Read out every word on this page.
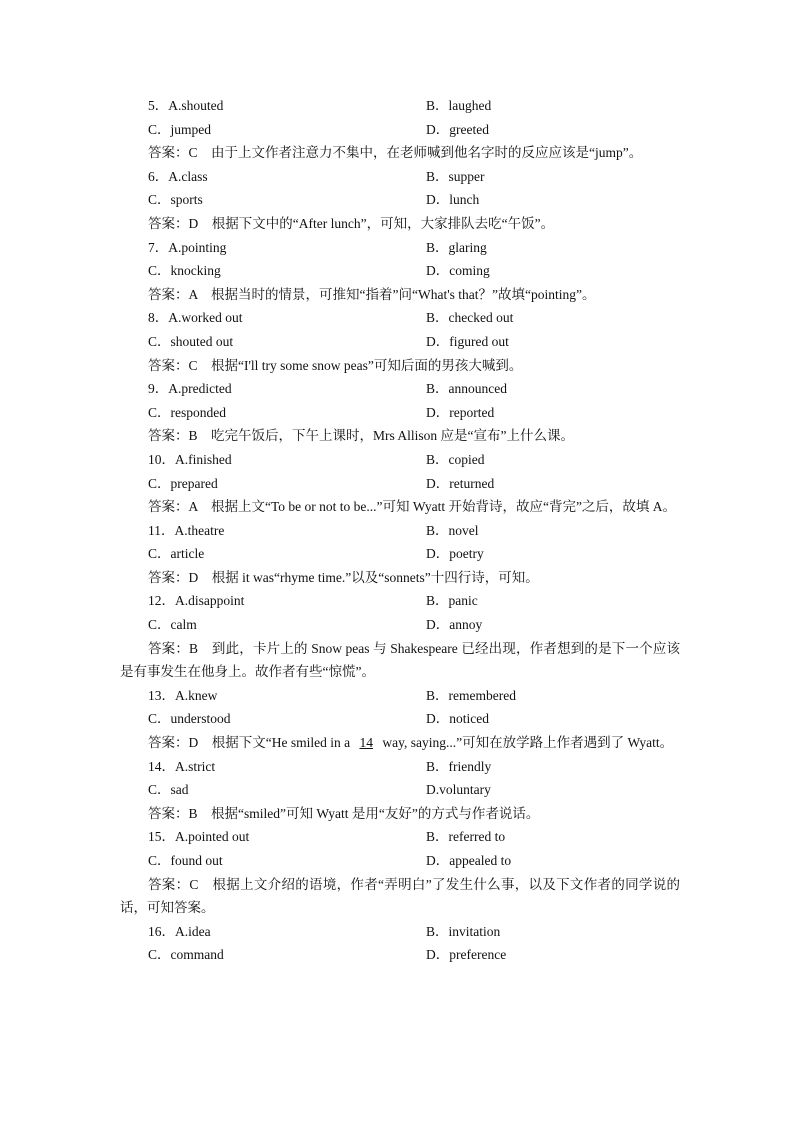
5．A.shouted	B．laughed
C．jumped	D．greeted
答案：C　由于上文作者注意力不集中，在老师喊到他名字时的反应应该是“jump”。
6．A.class	B．supper
C．sports	D．lunch
答案：D　根据下文中的“After lunch”，可知，大家排队去吃“午饭”。
7．A.pointing	B．glaring
C．knocking	D．coming
答案：A　根据当时的情景，可推知“指着”问“What's that？”故填“pointing”。
8．A.worked out	B．checked out
C．shouted out	D．figured out
答案：C　根据“I'll try some snow peas”可知后面的男孩大喊到。
9．A.predicted	B．announced
C．responded	D．reported
答案：B　吃完午饭后，下午上课时，Mrs Allison 应是“宣布”上什么课。
10．A.finished	B．copied
C．prepared	D．returned
答案：A　根据上文“To be or not to be...”可知 Wyatt 开始背诗，故应“背完”之后，故填 A。
11．A.theatre	B．novel
C．article	D．poetry
答案：D　根据 it was“rhyme time.”以及“sonnets”十四行诗，可知。
12．A.disappoint	B．panic
C．calm	D．annoy
答案：B　到此，卡片上的 Snow peas 与 Shakespeare 已经出现，作者想到的是下一个应该是有事发生在他身上。故作者有些“惊慌”。
13．A.knew	B．remembered
C．understood	D．noticed
答案：D　根据下文“He smiled in a 14 way, saying...”可知在放学路上作者遇到了 Wyatt。
14．A.strict	B．friendly
C．sad	D.voluntary
答案：B　根据“smiled”可知 Wyatt 是用“友好”的方式与作者说话。
15．A.pointed out	B．referred to
C．found out	D．appealed to
答案：C　根据上文介绍的语境，作者“弄明白”了发生什么事，以及下文作者的同学说的话，可知答案。
16．A.idea	B．invitation
C．command	D．preference
